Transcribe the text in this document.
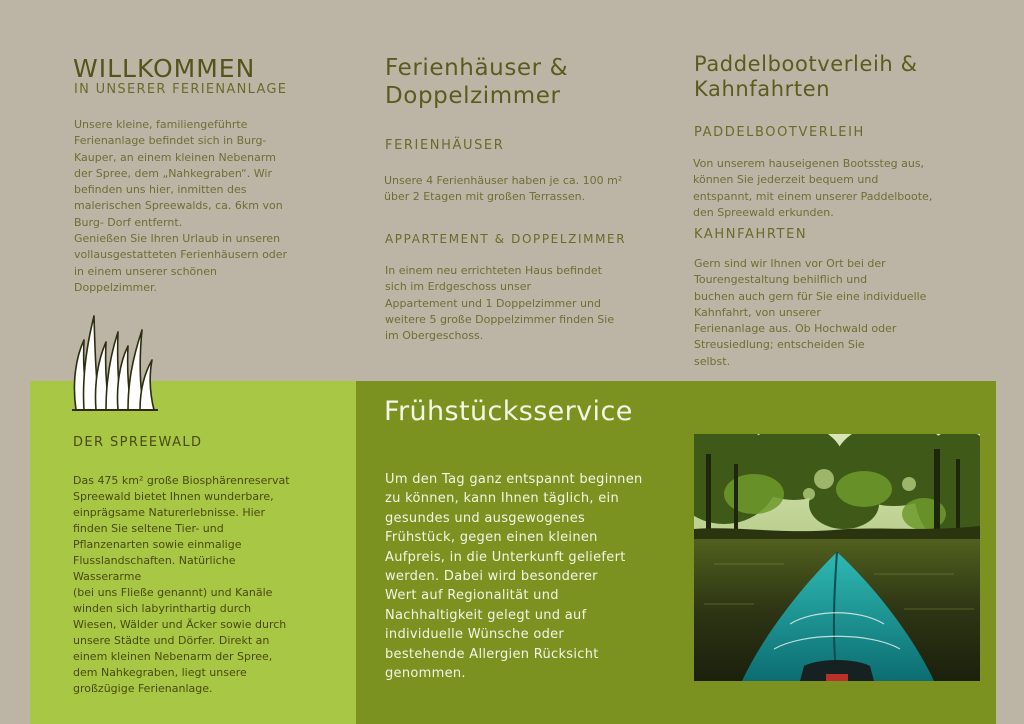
WILLKOMMEN
IN UNSERER FERIENANLAGE

Unsere kleine, familiengeführte

Ferienanlage befindet sich in Burg-

Kauper, an einem kleinen Nebenarm

der Spree, dem „Nahkegraben“. Wir

befinden uns hier, inmitten des

malerischen Spreewalds, ca. 6km von

Burg- Dorf entfernt.

Genießen Sie Ihren Urlaub in unseren

vollausgestatteten Ferienhäusern oder

in einem unserer schönen

Doppelzimmer.

Ferienhäuser &
Doppelzimmer
FERIENHÄUSER

Unsere 4 Ferienhäuser haben je ca. 100 m²

über 2 Etagen mit großen Terrassen.

APPARTEMENT & DOPPELZIMMER

In einem neu errichteten Haus befindet

sich im Erdgeschoss unser

Appartement und 1 Doppelzimmer und

weitere 5 große Doppelzimmer finden Sie

im Obergeschoss.

Paddelbootverleih &
Kahnfahrten
PADDELBOOTVERLEIH

Von unserem hauseigenen Bootssteg aus,

können Sie jederzeit bequem und

entspannt, mit einem unserer Paddelboote,

den Spreewald erkunden.

KAHNFAHRTEN

Gern sind wir Ihnen vor Ort bei der

Tourengestaltung behilflich und

buchen auch gern für Sie eine individuelle

Kahnfahrt, von unserer

Ferienanlage aus. Ob Hochwald oder

Streusiedlung; entscheiden Sie

selbst.

DER SPREEWALD

Das 475 km² große Biosphärenreservat

Spreewald bietet Ihnen wunderbare,

einprägsame Naturerlebnisse. Hier

finden Sie seltene Tier- und

Pflanzenarten sowie einmalige

Flusslandschaften. Natürliche

Wasserarme

(bei uns Fließe genannt) und Kanäle

winden sich labyrinthartig durch

Wiesen, Wälder und Äcker sowie durch

unsere Städte und Dörfer. Direkt an

einem kleinen Nebenarm der Spree,

dem Nahkegraben, liegt unsere

großzügige Ferienanlage.

Frühstücksservice
Um den Tag ganz entspannt beginnen
zu können, kann Ihnen täglich, ein
gesundes und ausgewogenes
Frühstück, gegen einen kleinen
Aufpreis, in die Unterkunft geliefert
werden. Dabei wird besonderer
Wert auf Regionalität und
Nachhaltigkeit gelegt und auf
individuelle Wünsche oder
bestehende Allergien Rücksicht
genommen.
